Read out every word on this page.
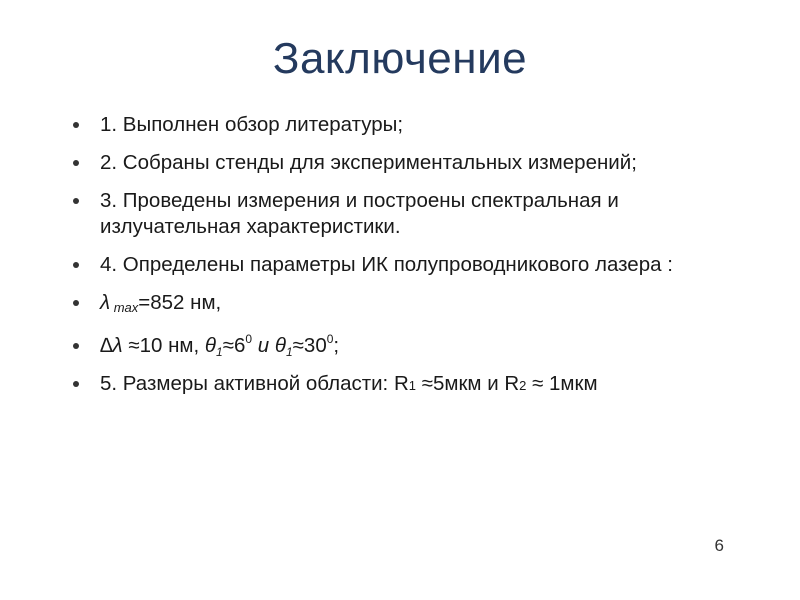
Заключение
1. Выполнен обзор литературы;
2. Собраны стенды для экспериментальных измерений;
3. Проведены измерения и построены спектральная и излучательная характеристики.
4. Определены параметры ИК полупроводникового лазера :
λ max=852 нм,
∆λ ≈10 нм, $\theta_1\approx 6^0$ и $\theta_1\approx 30^0$;
5. Размеры активной области: R1 ≈5мкм и R2 ≈ 1мкм
6
